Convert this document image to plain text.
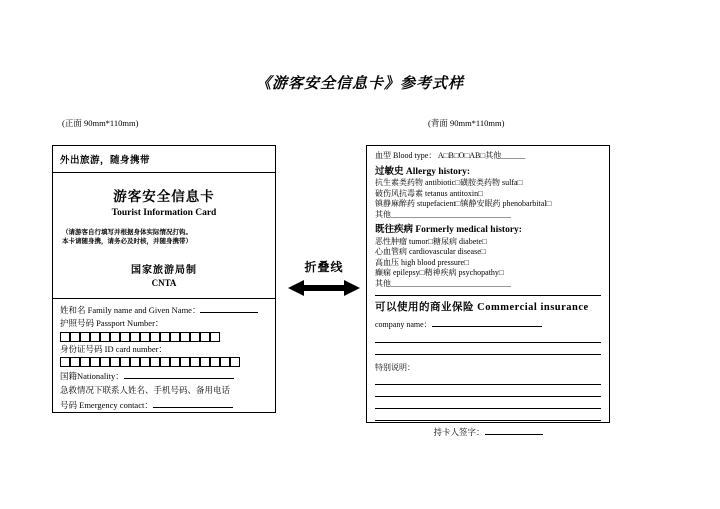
《游客安全信息卡》参考式样
(正面 90mm*110mm)	(背面 90mm*110mm)
外出旅游，随身携带
游客安全信息卡
Tourist Information Card
（请游客自行填写并根据身体实际情况打钩。
本卡请随身携，请务必及时核，并随身携带）
国家旅游局制
CNTA
姓和名 Family name and Given Name：
护照号码 Passport Number：
身份证号码 ID card number：
国籍Nationality：
急救情况下联系人姓名、手机号码、备用电话
号码 Emergency contact：
血型 Blood type： A□B□O□AB□其他______
过敏史 Allergy history:
抗生素类药物 antibiotic□磺胺类药物 sulfa□
破伤风抗毒素 tetanus antitoxin□
镇静麻醉药 stupefacient□镇静安眠药 phenobarbital□
其他______________________________
既往疾病 Formerly medical history:
恶性肿瘤 tumor□糖尿病 diabete□
心血管病 cardiovascular disease□
高血压 high blood pressure□
癫痫 epilepsy□精神疾病 psychopathy□
其他______________________________
可以使用的商业保险 Commercial insurance
company name：
特别说明：
持卡人签字：
折叠线
